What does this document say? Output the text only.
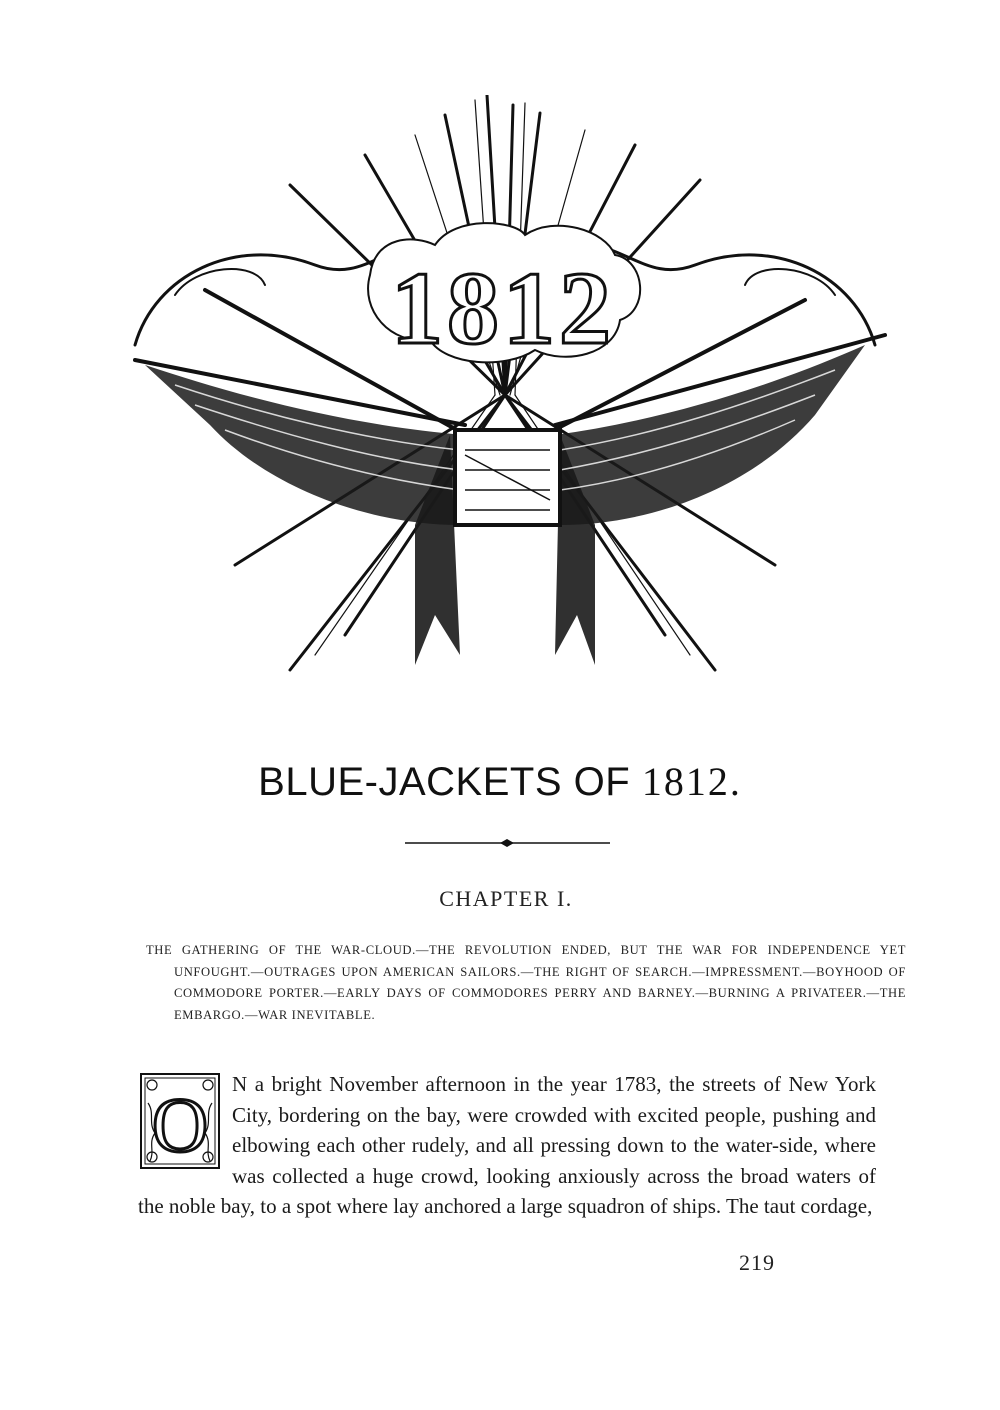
1812
BLUE-JACKETS OF 1812.
CHAPTER I.
THE GATHERING OF THE WAR-CLOUD.—THE REVOLUTION ENDED, BUT THE WAR FOR INDEPENDENCE YET UNFOUGHT.—OUTRAGES UPON AMERICAN SAILORS.—THE RIGHT OF SEARCH.—IMPRESSMENT.—BOYHOOD OF COMMODORE PORTER.—EARLY DAYS OF COMMODORES PERRY AND BARNEY.—BURNING A PRIVATEER.—THE EMBARGO.—WAR INEVITABLE.
O	N a bright November afternoon in the year 1783, the streets of New York City, bordering on the bay, were crowded with excited people, pushing and elbowing each other rudely, and all pressing down to the water-side, where was collected a huge crowd, looking anxiously across the broad waters of the noble bay, to a spot where lay anchored a large squadron of ships. The taut cordage,
219
